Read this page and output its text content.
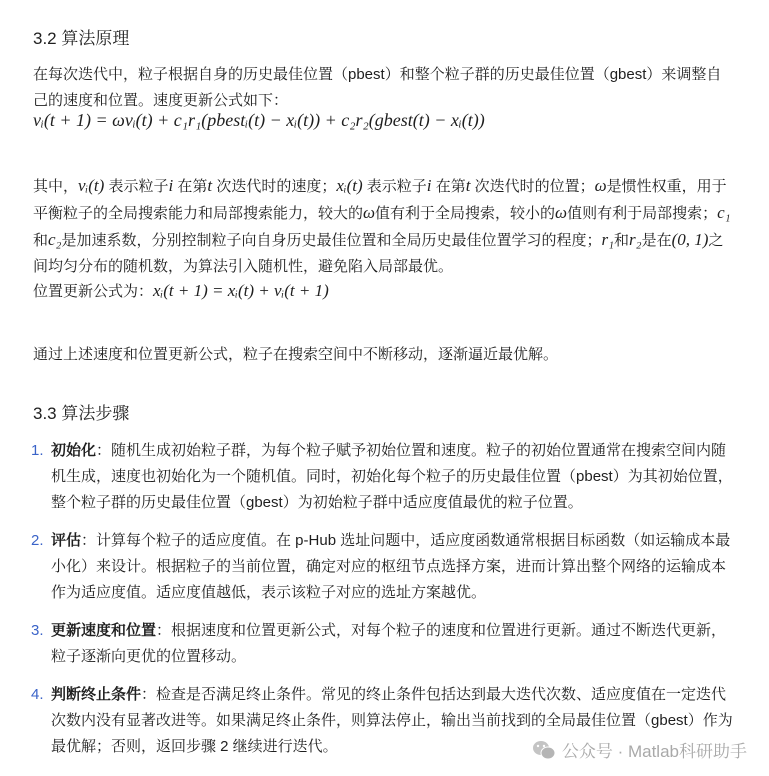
3.2 算法原理

在每次迭代中，粒子根据自身的历史最佳位置（pbest）和整个粒子群的历史最佳位置（gbest）来调整自己的速度和位置。速度更新公式如下：

vᵢ(t + 1) = ωvᵢ(t) + c₁r₁(pbestᵢ(t) − xᵢ(t)) + c₂r₂(gbest(t) − xᵢ(t))

其中，vᵢ(t) 表示粒子i 在第t 次迭代时的速度；xᵢ(t) 表示粒子i 在第t 次迭代时的位置；ω是惯性权重，用于平衡粒子的全局搜索能力和局部搜索能力，较大的ω值有利于全局搜索，较小的ω值则有利于局部搜索；c₁和c₂是加速系数，分别控制粒子向自身历史最佳位置和全局历史最佳位置学习的程度；r₁和r₂是在(0, 1)之间均匀分布的随机数，为算法引入随机性，避免陷入局部最优。

位置更新公式为：xᵢ(t + 1) = xᵢ(t) + vᵢ(t + 1)

通过上述速度和位置更新公式，粒子在搜索空间中不断移动，逐渐逼近最优解。

3.3 算法步骤
1. 初始化：随机生成初始粒子群，为每个粒子赋予初始位置和速度。粒子的初始位置通常在搜索空间内随机生成，速度也初始化为一个随机值。同时，初始化每个粒子的历史最佳位置（pbest）为其初始位置，整个粒子群的历史最佳位置（gbest）为初始粒子群中适应度值最优的粒子位置。
2. 评估：计算每个粒子的适应度值。在 p-Hub 选址问题中，适应度函数通常根据目标函数（如运输成本最小化）来设计。根据粒子的当前位置，确定对应的枢纽节点选择方案，进而计算出整个网络的运输成本作为适应度值。适应度值越低，表示该粒子对应的选址方案越优。
3. 更新速度和位置：根据速度和位置更新公式，对每个粒子的速度和位置进行更新。通过不断迭代更新，粒子逐渐向更优的位置移动。
4. 判断终止条件：检查是否满足终止条件。常见的终止条件包括达到最大迭代次数、适应度值在一定迭代次数内没有显著改进等。如果满足终止条件，则算法停止，输出当前找到的全局最佳位置（gbest）作为最优解；否则，返回步骤 2 继续进行迭代。	公众号 · Matlab科研助手
